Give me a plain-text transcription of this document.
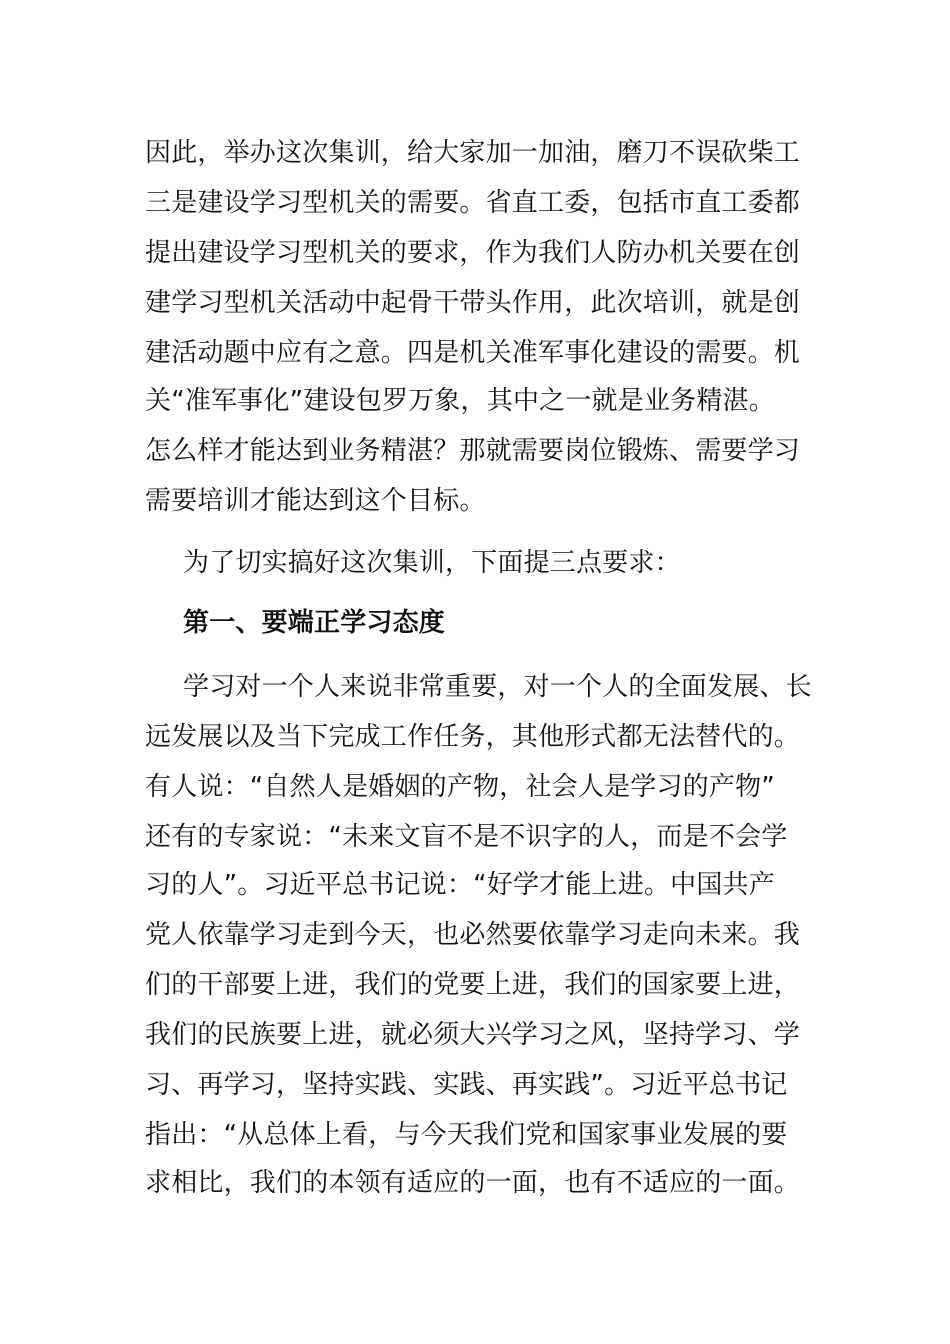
因此，举办这次集训，给大家加一加油，磨刀不误砍柴工
三是建设学习型机关的需要。省直工委，包括市直工委都
提出建设学习型机关的要求，作为我们人防办机关要在创
建学习型机关活动中起骨干带头作用，此次培训，就是创
建活动题中应有之意。四是机关准军事化建设的需要。机
关“准军事化”建设包罗万象，其中之一就是业务精湛。
怎么样才能达到业务精湛？那就需要岗位锻炼、需要学习
需要培训才能达到这个目标。
为了切实搞好这次集训，下面提三点要求：
第一、要端正学习态度
学习对一个人来说非常重要，对一个人的全面发展、长
远发展以及当下完成工作任务，其他形式都无法替代的。
有人说：“自然人是婚姻的产物，社会人是学习的产物”
还有的专家说：“未来文盲不是不识字的人，而是不会学
习的人”。习近平总书记说：“好学才能上进。中国共产
党人依靠学习走到今天，也必然要依靠学习走向未来。我
们的干部要上进，我们的党要上进，我们的国家要上进，
我们的民族要上进，就必须大兴学习之风，坚持学习、学
习、再学习，坚持实践、实践、再实践”。习近平总书记
指出：“从总体上看，与今天我们党和国家事业发展的要
求相比，我们的本领有适应的一面，也有不适应的一面。
